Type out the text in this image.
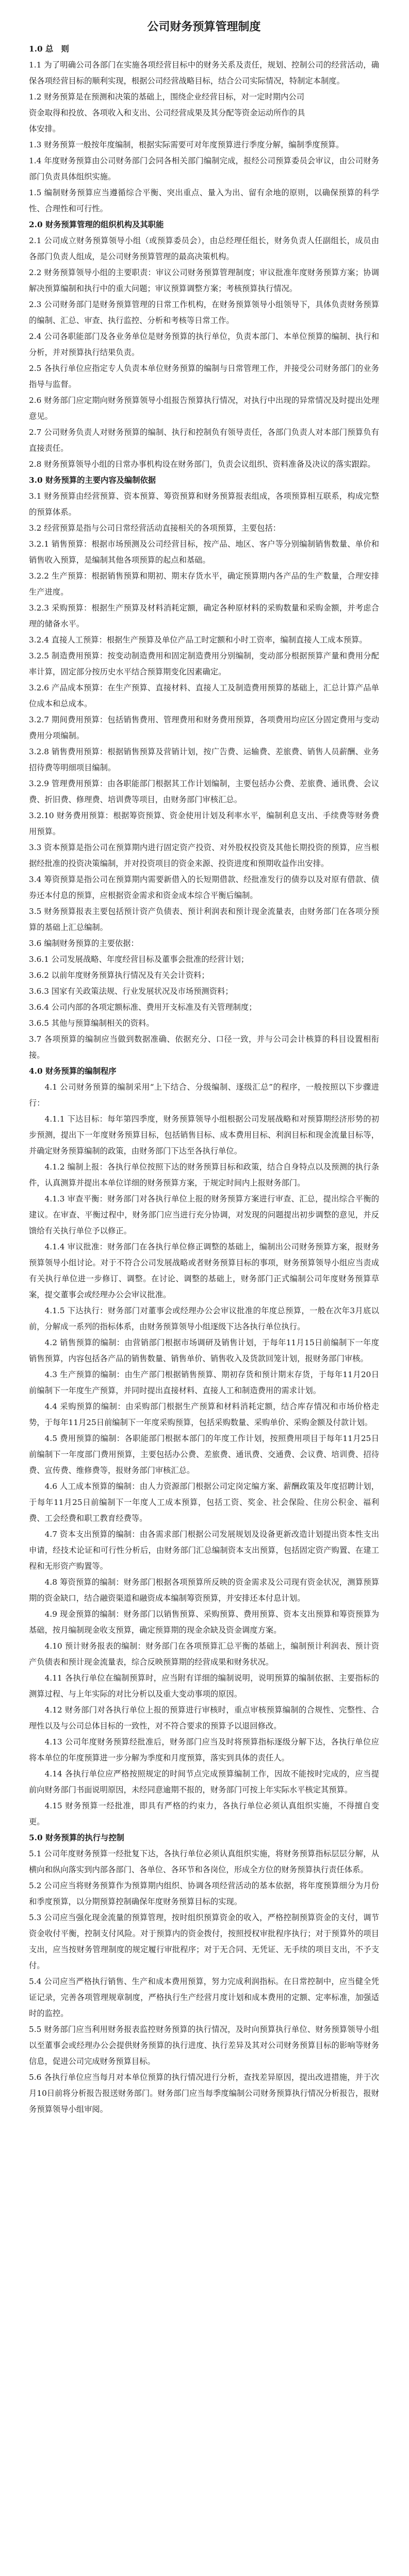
公司财务预算管理制度
1.0 总　则
1.1 为了明确公司各部门在实施各项经营目标中的财务关系及责任，规划、控制公司的经营活动，确保各项经营目标的顺利实现，根据公司经营战略目标，结合公司实际情况，特制定本制度。
1.2 财务预算是在预测和决策的基础上，围绕企业经营目标，对一定时期内公司
资金取得和投放、各项收入和支出、公司经营成果及其分配等资金运动所作的具
体安排。
1.3 财务预算一般按年度编制，根据实际需要可对年度预算进行季度分解，编制季度预算。
1.4 年度财务预算由公司财务部门会同各相关部门编制完成，报经公司预算委员会审议，由公司财务部门负责具体组织实施。
1.5 编制财务预算应当遵循综合平衡、突出重点、量入为出、留有余地的原则，以确保预算的科学性、合理性和可行性。
2.0 财务预算管理的组织机构及其职能
2.1 公司成立财务预算领导小组（或预算委员会），由总经理任组长，财务负责人任副组长，成员由各部门负责人组成，是公司财务预算管理的最高决策机构。
2.2 财务预算领导小组的主要职责：审议公司财务预算管理制度；审议批准年度财务预算方案；协调解决预算编制和执行中的重大问题；审议预算调整方案；考核预算执行情况。
2.3 公司财务部门是财务预算管理的日常工作机构，在财务预算领导小组领导下，具体负责财务预算的编制、汇总、审查、执行监控、分析和考核等日常工作。
2.4 公司各职能部门及各业务单位是财务预算的执行单位，负责本部门、本单位预算的编制、执行和分析，并对预算执行结果负责。
2.5 各执行单位应指定专人负责本单位财务预算的编制与日常管理工作，并接受公司财务部门的业务指导与监督。
2.6 财务部门应定期向财务预算领导小组报告预算执行情况，对执行中出现的异常情况及时提出处理意见。
2.7 公司财务负责人对财务预算的编制、执行和控制负有领导责任，各部门负责人对本部门预算负有直接责任。
2.8 财务预算领导小组的日常办事机构设在财务部门，负责会议组织、资料准备及决议的落实跟踪。
3.0 财务预算的主要内容及编制依据
3.1 财务预算由经营预算、资本预算、筹资预算和财务预算报表组成，各项预算相互联系，构成完整的预算体系。
3.2 经营预算是指与公司日常经营活动直接相关的各项预算，主要包括：
3.2.1 销售预算：根据市场预测及公司经营目标，按产品、地区、客户等分别编制销售数量、单价和销售收入预算，是编制其他各项预算的起点和基础。
3.2.2 生产预算：根据销售预算和期初、期末存货水平，确定预算期内各产品的生产数量，合理安排生产进度。
3.2.3 采购预算：根据生产预算及材料消耗定额，确定各种原材料的采购数量和采购金额，并考虑合理的储备水平。
3.2.4 直接人工预算：根据生产预算及单位产品工时定额和小时工资率，编制直接人工成本预算。
3.2.5 制造费用预算：按变动制造费用和固定制造费用分别编制，变动部分根据预算产量和费用分配率计算，固定部分按历史水平结合预算期变化因素确定。
3.2.6 产品成本预算：在生产预算、直接材料、直接人工及制造费用预算的基础上，汇总计算产品单位成本和总成本。
3.2.7 期间费用预算：包括销售费用、管理费用和财务费用预算，各项费用均应区分固定费用与变动费用分项编制。
3.2.8 销售费用预算：根据销售预算及营销计划，按广告费、运输费、差旅费、销售人员薪酬、业务招待费等明细项目编制。
3.2.9 管理费用预算：由各职能部门根据其工作计划编制，主要包括办公费、差旅费、通讯费、会议费、折旧费、修理费、培训费等项目，由财务部门审核汇总。
3.2.10 财务费用预算：根据筹资预算、资金使用计划及利率水平，编制利息支出、手续费等财务费用预算。
3.3 资本预算是指公司在预算期内进行固定资产投资、对外股权投资及其他长期投资的预算，应当根据经批准的投资决策编制，并对投资项目的资金来源、投资进度和预期收益作出安排。
3.4 筹资预算是指公司在预算期内需要新借入的长短期借款、经批准发行的债券以及对原有借款、债券还本付息的预算，应根据资金需求和资金成本综合平衡后编制。
3.5 财务预算报表主要包括预计资产负债表、预计利润表和预计现金流量表，由财务部门在各项分预算的基础上汇总编制。
3.6 编制财务预算的主要依据：
3.6.1 公司发展战略、年度经营目标及董事会批准的经营计划；
3.6.2 以前年度财务预算执行情况及有关会计资料；
3.6.3 国家有关政策法规、行业发展状况及市场预测资料；
3.6.4 公司内部的各项定额标准、费用开支标准及有关管理制度；
3.6.5 其他与预算编制相关的资料。
3.7 各项预算的编制应当做到数据准确、依据充分、口径一致，并与公司会计核算的科目设置相衔接。
4.0 财务预算的编制程序
4.1 公司财务预算的编制采用“上下结合、分级编制、逐级汇总”的程序，一般按照以下步骤进行：
4.1.1 下达目标：每年第四季度，财务预算领导小组根据公司发展战略和对预算期经济形势的初步预测，提出下一年度财务预算目标，包括销售目标、成本费用目标、利润目标和现金流量目标等，并确定财务预算编制的政策，由财务部门下达至各执行单位。
4.1.2 编制上报：各执行单位按照下达的财务预算目标和政策，结合自身特点以及预测的执行条件，认真测算并提出本单位详细的财务预算方案，于规定时间内上报财务部门。
4.1.3 审查平衡：财务部门对各执行单位上报的财务预算方案进行审查、汇总，提出综合平衡的建议。在审查、平衡过程中，财务部门应当进行充分协调，对发现的问题提出初步调整的意见，并反馈给有关执行单位予以修正。
4.1.4 审议批准：财务部门在各执行单位修正调整的基础上，编制出公司财务预算方案，报财务预算领导小组讨论。对于不符合公司发展战略或者财务预算目标的事项，财务预算领导小组应当责成有关执行单位进一步修订、调整。在讨论、调整的基础上，财务部门正式编制公司年度财务预算草案，提交董事会或经理办公会审议批准。
4.1.5 下达执行：财务部门对董事会或经理办公会审议批准的年度总预算，一般在次年3月底以前，分解成一系列的指标体系，由财务预算领导小组逐级下达各执行单位执行。
4.2 销售预算的编制：由营销部门根据市场调研及销售计划，于每年11月15日前编制下一年度销售预算，内容包括各产品的销售数量、销售单价、销售收入及货款回笼计划，报财务部门审核。
4.3 生产预算的编制：由生产部门根据销售预算、期初存货和预计期末存货，于每年11月20日前编制下一年度生产预算，并同时提出直接材料、直接人工和制造费用的需求计划。
4.4 采购预算的编制：由采购部门根据生产预算和材料消耗定额，结合库存情况和市场价格走势，于每年11月25日前编制下一年度采购预算，包括采购数量、采购单价、采购金额及付款计划。
4.5 费用预算的编制：各职能部门根据本部门的年度工作计划，按照费用项目于每年11月25日前编制下一年度部门费用预算，主要包括办公费、差旅费、通讯费、交通费、会议费、培训费、招待费、宣传费、维修费等，报财务部门审核汇总。
4.6 人工成本预算的编制：由人力资源部门根据公司定岗定编方案、薪酬政策及年度招聘计划，于每年11月25日前编制下一年度人工成本预算，包括工资、奖金、社会保险、住房公积金、福利费、工会经费和职工教育经费等。
4.7 资本支出预算的编制：由各需求部门根据公司发展规划及设备更新改造计划提出资本性支出申请，经技术论证和可行性分析后，由财务部门汇总编制资本支出预算，包括固定资产购置、在建工程和无形资产购置等。
4.8 筹资预算的编制：财务部门根据各项预算所反映的资金需求及公司现有资金状况，测算预算期的资金缺口，结合融资渠道和融资成本编制筹资预算，并安排还本付息计划。
4.9 现金预算的编制：财务部门以销售预算、采购预算、费用预算、资本支出预算和筹资预算为基础，按月编制现金收支预算，确定预算期的现金余缺及资金调度方案。
4.10 预计财务报表的编制：财务部门在各项预算汇总平衡的基础上，编制预计利润表、预计资产负债表和预计现金流量表，综合反映预算期的经营成果和财务状况。
4.11 各执行单位在编制预算时，应当附有详细的编制说明，说明预算的编制依据、主要指标的测算过程、与上年实际的对比分析以及重大变动事项的原因。
4.12 财务部门对各执行单位上报的预算进行审核时，重点审核预算编制的合规性、完整性、合理性以及与公司总体目标的一致性，对不符合要求的预算予以退回修改。
4.13 公司年度财务预算经批准后，财务部门应当及时将预算指标逐级分解下达，各执行单位应将本单位的年度预算进一步分解为季度和月度预算，落实到具体的责任人。
4.14 各执行单位应严格按照规定的时间节点完成预算编制工作，因故不能按时完成的，应当提前向财务部门书面说明原因，未经同意逾期不报的，财务部门可按上年实际水平核定其预算。
4.15 财务预算一经批准，即具有严格的约束力，各执行单位必须认真组织实施，不得擅自变更。
5.0 财务预算的执行与控制
5.1 公司年度财务预算一经批复下达，各执行单位必须认真组织实施，将财务预算指标层层分解，从横向和纵向落实到内部各部门、各单位、各环节和各岗位，形成全方位的财务预算执行责任体系。
5.2 公司应当将财务预算作为预算期内组织、协调各项经营活动的基本依据，将年度预算细分为月份和季度预算，以分期预算控制确保年度财务预算目标的实现。
5.3 公司应当强化现金流量的预算管理，按时组织预算资金的收入，严格控制预算资金的支付，调节资金收付平衡，控制支付风险。对于预算内的资金拨付，按照授权审批程序执行；对于预算外的项目支出，应当按财务管理制度的规定履行审批程序；对于无合同、无凭证、无手续的项目支出，不予支付。
5.4 公司应当严格执行销售、生产和成本费用预算，努力完成利润指标。在日常控制中，应当健全凭证记录，完善各项管理规章制度，严格执行生产经营月度计划和成本费用的定额、定率标准，加强适时的监控。
5.5 财务部门应当利用财务报表监控财务预算的执行情况，及时向预算执行单位、财务预算领导小组以至董事会或经理办公会提供财务预算的执行进度、执行差异及其对公司财务预算目标的影响等财务信息，促进公司完成财务预算目标。
5.6 各执行单位应当每月对本单位预算的执行情况进行分析，查找差异原因，提出改进措施，并于次月10日前将分析报告报送财务部门。财务部门应当每季度编制公司财务预算执行情况分析报告，报财务预算领导小组审阅。
